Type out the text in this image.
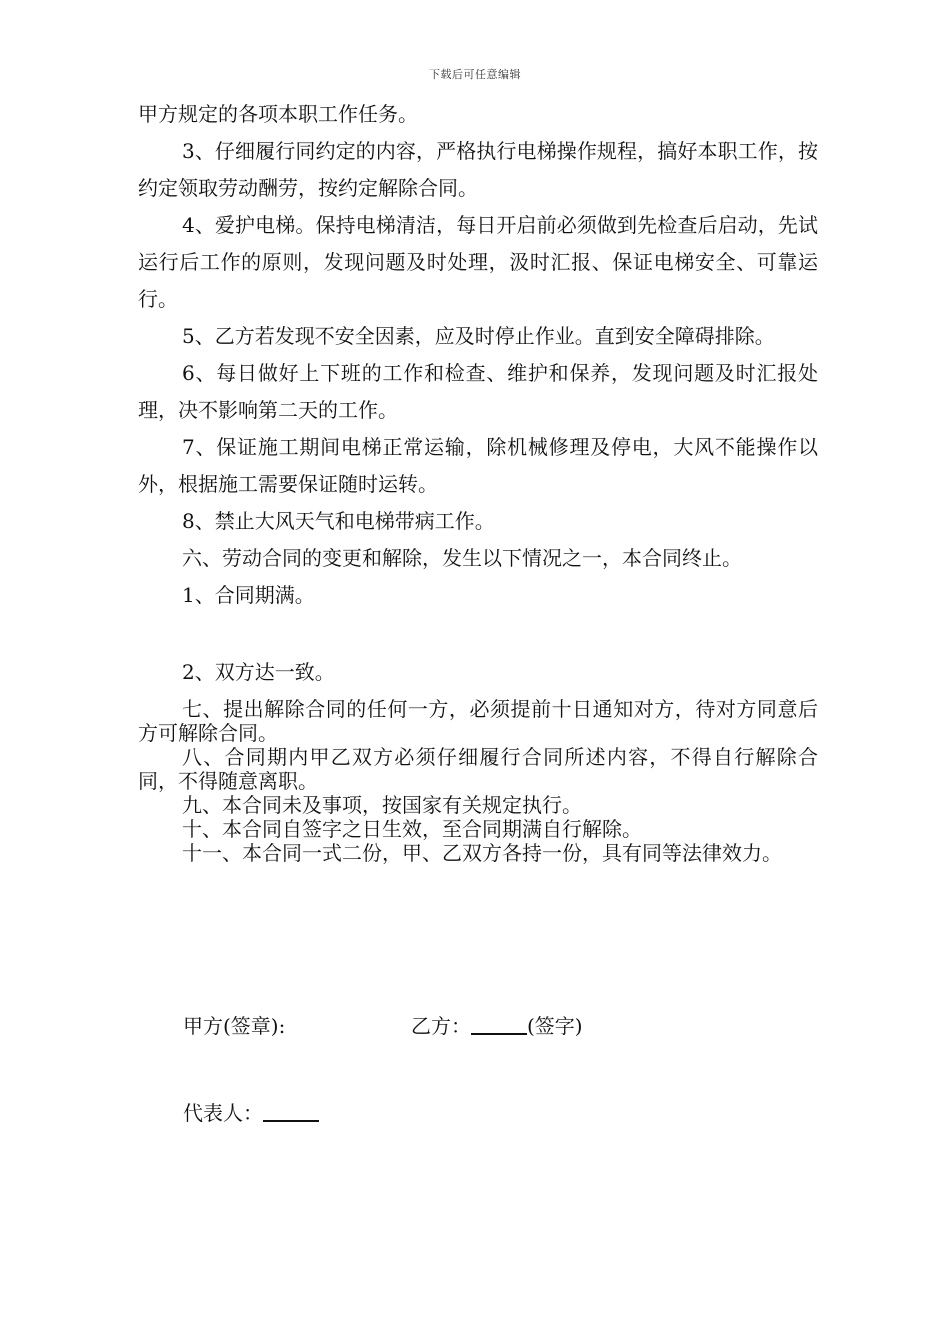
下载后可任意编辑

甲方规定的各项本职工作任务。

3、仔细履行同约定的内容，严格执行电梯操作规程，搞好本职工作，按约定领取劳动酬劳，按约定解除合同。

4、爱护电梯。保持电梯清洁，每日开启前必须做到先检查后启动，先试运行后工作的原则，发现问题及时处理，汲时汇报、保证电梯安全、可靠运行。

5、乙方若发现不安全因素，应及时停止作业。直到安全障碍排除。

6、每日做好上下班的工作和检查、维护和保养，发现问题及时汇报处理，决不影响第二天的工作。

7、保证施工期间电梯正常运输，除机械修理及停电，大风不能操作以外，根据施工需要保证随时运转。

8、禁止大风天气和电梯带病工作。

六、劳动合同的变更和解除，发生以下情况之一，本合同终止。

1、合同期满。

2、双方达一致。

七、提出解除合同的任何一方，必须提前十日通知对方，待对方同意后方可解除合同。

八、合同期内甲乙双方必须仔细履行合同所述内容，不得自行解除合同，不得随意离职。

九、本合同未及事项，按国家有关规定执行。

十、本合同自签字之日生效，至合同期满自行解除。

十一、本合同一式二份，甲、乙双方各持一份，具有同等法律效力。

甲方(签章):	乙方：	(签字)
代表人：
